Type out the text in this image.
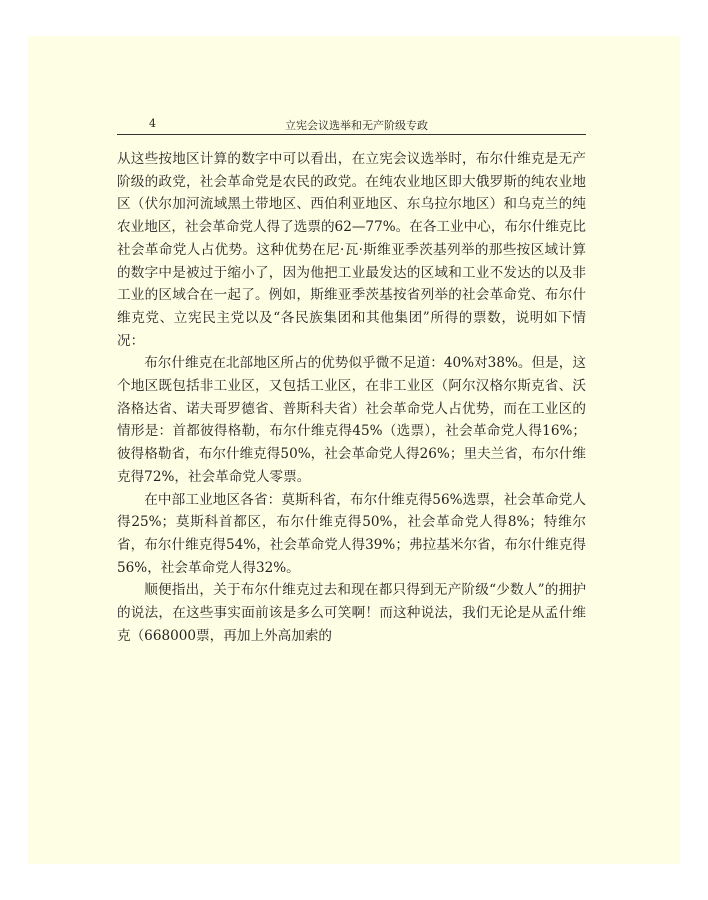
4	立宪会议选举和无产阶级专政

从这些按地区计算的数字中可以看出，在立宪会议选举时，布尔什维克是无产阶级的政党，社会革命党是农民的政党。在纯农业地区即大俄罗斯的纯农业地区（伏尔加河流域黑土带地区、西伯利亚地区、东乌拉尔地区）和乌克兰的纯农业地区，社会革命党人得了选票的62—77%。在各工业中心，布尔什维克比社会革命党人占优势。这种优势在尼·瓦·斯维亚季茨基列举的那些按区域计算的数字中是被过于缩小了，因为他把工业最发达的区域和工业不发达的以及非工业的区域合在一起了。例如，斯维亚季茨基按省列举的社会革命党、布尔什维克党、立宪民主党以及“各民族集团和其他集团”所得的票数，说明如下情况：

布尔什维克在北部地区所占的优势似乎微不足道：40%对38%。但是，这个地区既包括非工业区，又包括工业区，在非工业区（阿尔汉格尔斯克省、沃洛格达省、诺夫哥罗德省、普斯科夫省）社会革命党人占优势，而在工业区的情形是：首都彼得格勒，布尔什维克得45%（选票），社会革命党人得16%；彼得格勒省，布尔什维克得50%，社会革命党人得26%；里夫兰省，布尔什维克得72%，社会革命党人零票。

在中部工业地区各省：莫斯科省，布尔什维克得56%选票，社会革命党人得25%；莫斯科首都区，布尔什维克得50%，社会革命党人得8%；特维尔省，布尔什维克得54%，社会革命党人得39%；弗拉基米尔省，布尔什维克得56%，社会革命党人得32%。

顺便指出，关于布尔什维克过去和现在都只得到无产阶级“少数人”的拥护的说法，在这些事实面前该是多么可笑啊！而这种说法，我们无论是从孟什维克（668000票，再加上外高加索的
